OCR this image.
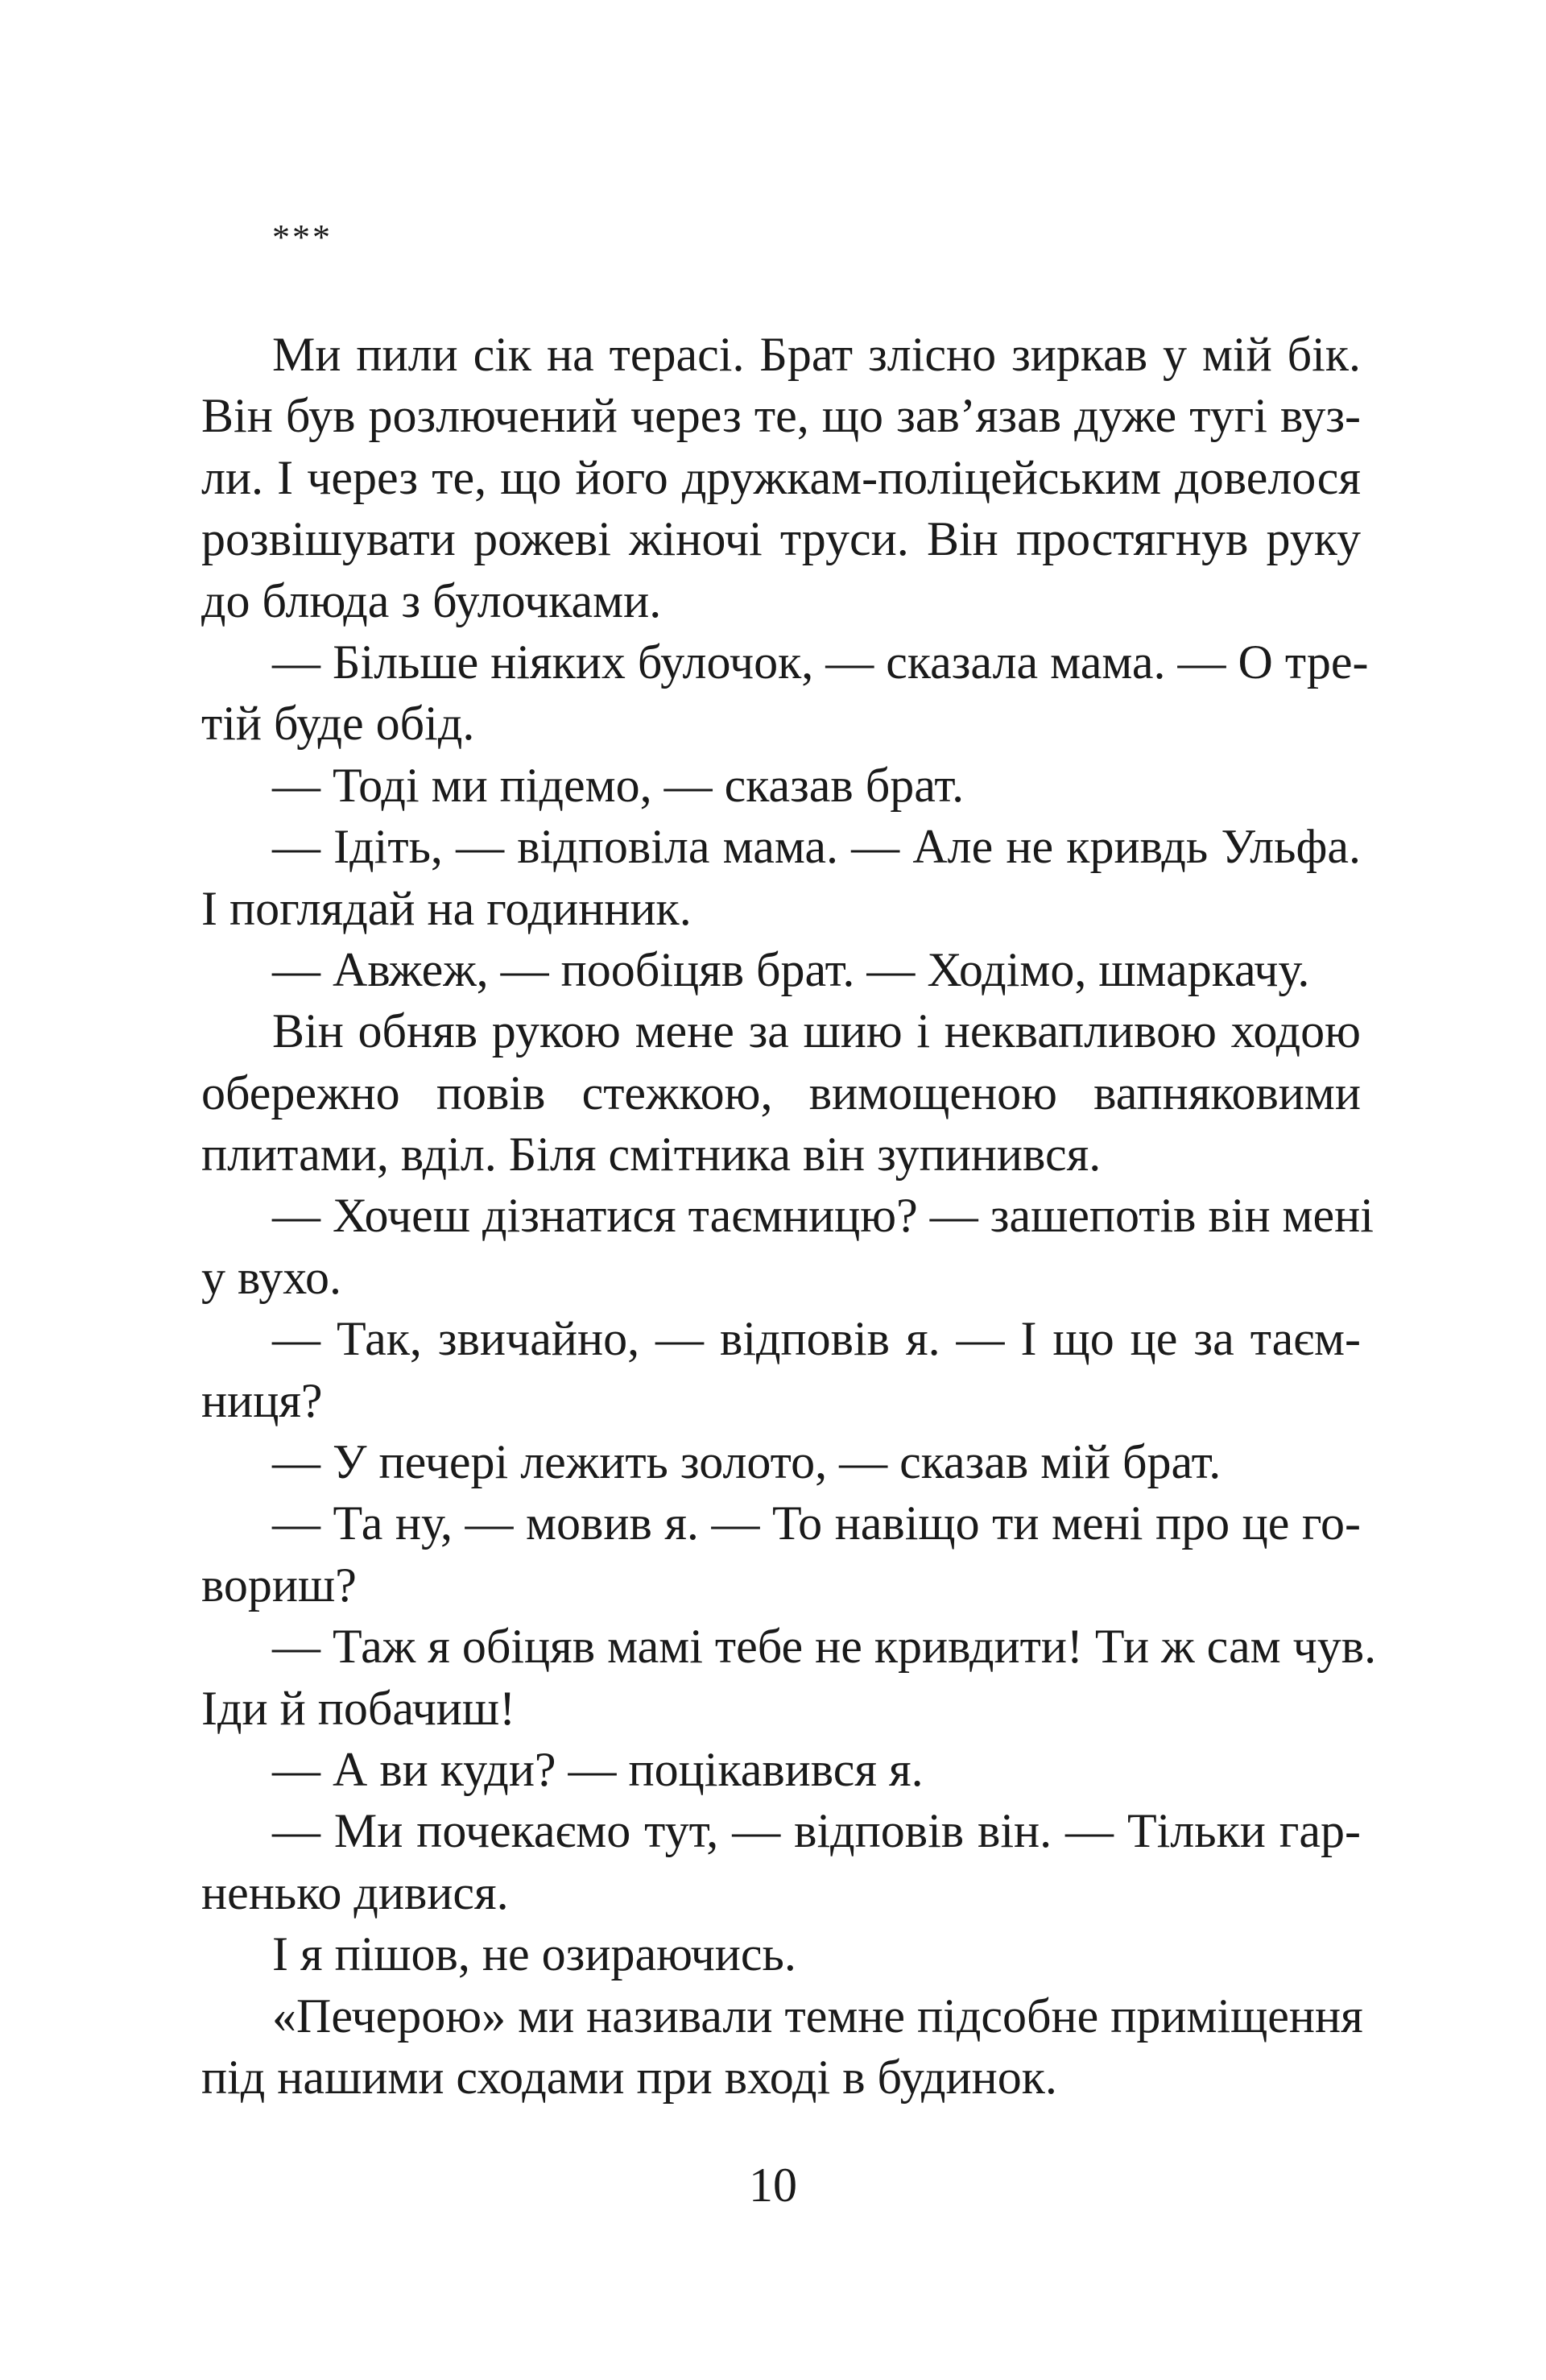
***
Ми пили сік на терасі. Брат злісно зиркав у мій бік.
Він був розлючений через те, що зав’язав дуже тугі вуз-
ли. І через те, що його дружкам-поліцейським довелося
розвішувати рожеві жіночі труси. Він простягнув руку
до блюда з булочками.
— Більше ніяких булочок, — сказала мама. — О тре-
тій буде обід.
— Тоді ми підемо, — сказав брат.
— Ідіть, — відповіла мама. — Але не кривдь Ульфа.
І поглядай на годинник.
— Авжеж, — пообіцяв брат. — Ходімо, шмаркачу.
Він обняв рукою мене за шию і неквапливою ходою
обережно повів стежкою, вимощеною вапняковими
плитами, вділ. Біля смітника він зупинився.
— Хочеш дізнатися таємницю? — зашепотів він мені
у вухо.
— Так, звичайно, — відповів я. — І що це за таєм-
ниця?
— У печері лежить золото, — сказав мій брат.
— Та ну, — мовив я. — То навіщо ти мені про це го-
вориш?
— Таж я обіцяв мамі тебе не кривдити! Ти ж сам чув.
Іди й побачиш!
— А ви куди? — поцікавився я.
— Ми почекаємо тут, — відповів він. — Тільки гар-
ненько дивися.
І я пішов, не озираючись.
«Печерою» ми називали темне підсобне приміщення
під нашими сходами при вході в будинок.
10
